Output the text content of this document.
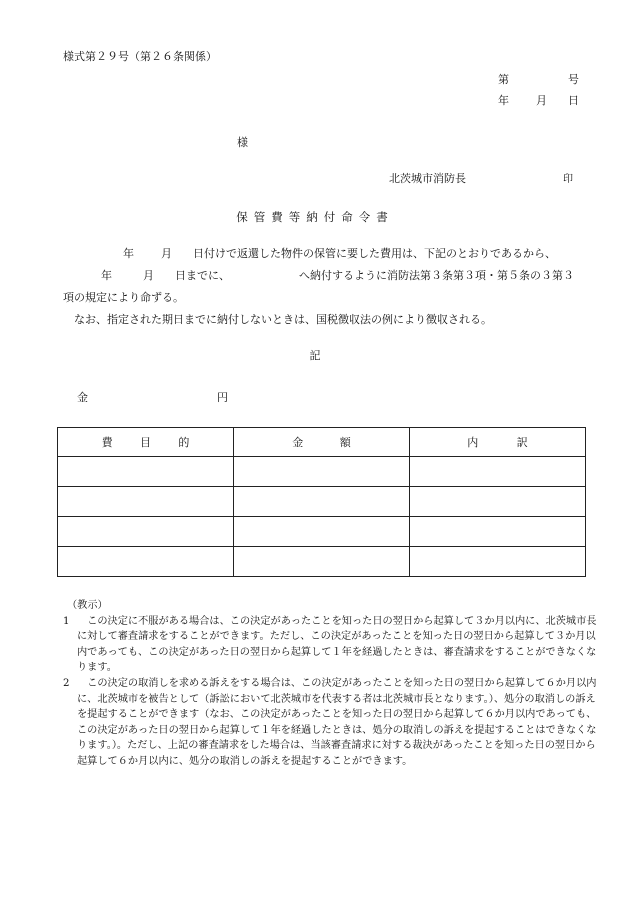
様式第２９号（第２６条関係）
第	号
年 月 日
様
北茨城市消防長	印
保管費等納付命令書
年 月 日付けで返還した物件の保管に要した費用は、下記のとおりであるから、
年	月 日までに、	へ納付するように消防法第３条第３項・第５条の３第３
項の規定により命ずる。
なお、指定された期日までに納付しないときは、国税徴収法の例により徴収される。
記
金	円
費 目 的	金 額	内 訳

（教示）
1	この決定に不服がある場合は、この決定があったことを知った日の翌日から起算して３か月以内に、北茨城市長に対して審査請求をすることができます。ただし、この決定があったことを知った日の翌日から起算して３か月以内であっても、この決定があった日の翌日から起算して１年を経過したときは、審査請求をすることができなくなります。
2	この決定の取消しを求める訴えをする場合は、この決定があったことを知った日の翌日から起算して６か月以内に、北茨城市を被告として（訴訟において北茨城市を代表する者は北茨城市長となります。）、処分の取消しの訴えを提起することができます（なお、この決定があったことを知った日の翌日から起算して６か月以内であっても、この決定があった日の翌日から起算して１年を経過したときは、処分の取消しの訴えを提起することはできなくなります。）。ただし、上記の審査請求をした場合は、当該審査請求に対する裁決があったことを知った日の翌日から起算して６か月以内に、処分の取消しの訴えを提起することができます。
